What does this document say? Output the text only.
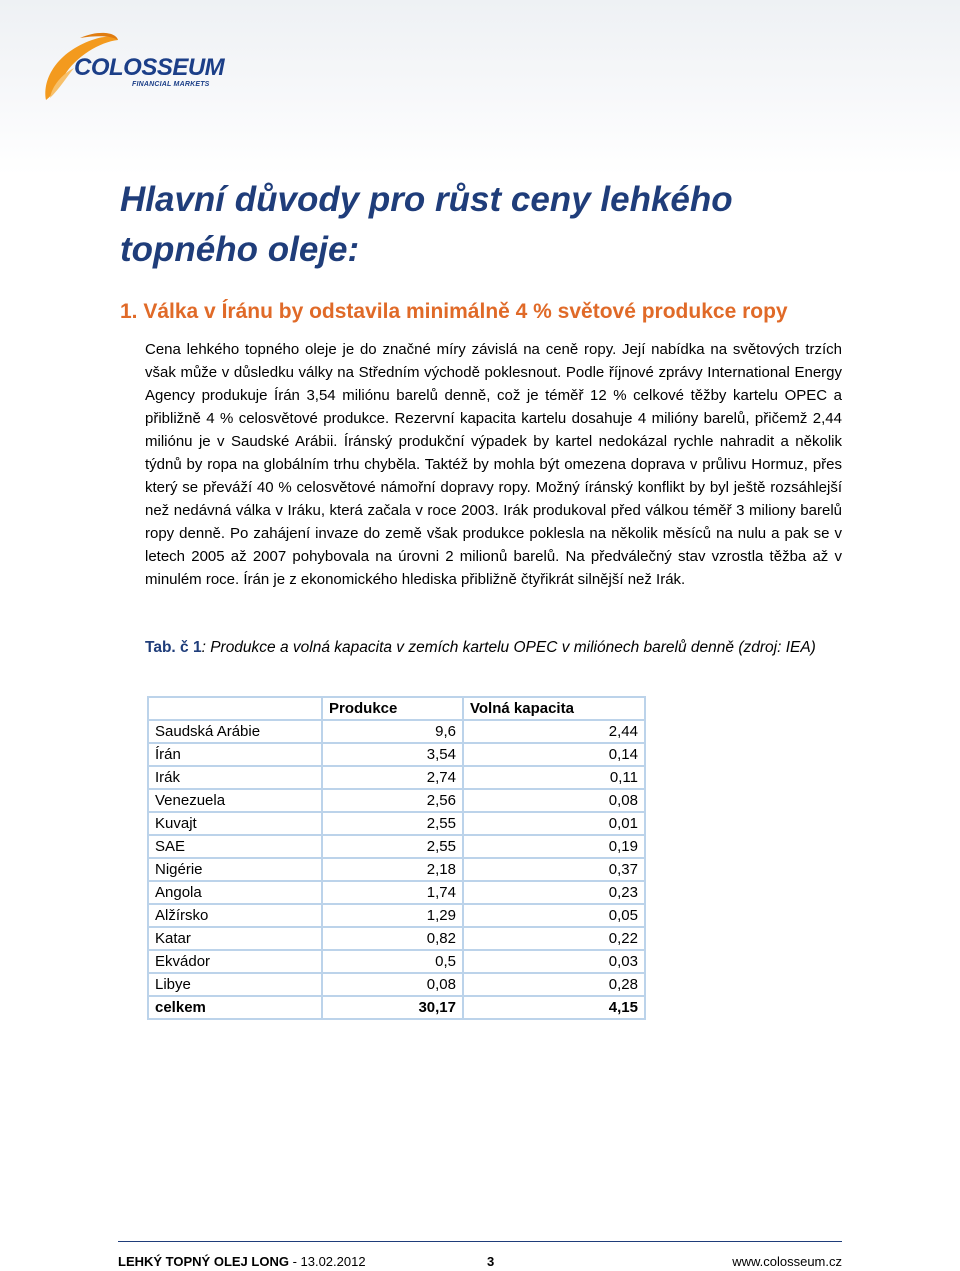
COLOSSEUM
FINANCIAL MARKETS
Hlavní důvody pro růst ceny lehkého topného oleje:
1. Válka v Íránu by odstavila minimálně 4 % světové produkce ropy

Cena lehkého topného oleje je do značné míry závislá na ceně ropy. Její nabídka na světových trzích však může v důsledku války na Středním východě poklesnout. Podle říjnové zprávy International Energy Agency produkuje Írán 3,54 miliónu barelů denně, což je téměř 12 % celkové těžby kartelu OPEC a přibližně 4 % celosvětové produkce. Rezervní kapacita kartelu dosahuje 4 milióny barelů, přičemž 2,44 miliónu je v Saudské Arábii. Íránský produkční výpadek by kartel nedokázal rychle nahradit a několik týdnů by ropa na globálním trhu chyběla. Taktéž by mohla být omezena doprava v průlivu Hormuz, přes který se převáží 40 % celosvětové námořní dopravy ropy. Možný íránský konflikt by byl ještě rozsáhlejší než nedávná válka v Iráku, která začala v roce 2003. Irák produkoval před válkou téměř 3 miliony barelů ropy denně. Po zahájení invaze do země však produkce poklesla na několik měsíců na nulu a pak se v letech 2005 až 2007 pohybovala na úrovni 2 milionů barelů. Na předválečný stav vzrostla těžba až v minulém roce. Írán je z ekonomického hlediska přibližně čtyřikrát silnější než Irák.

Tab. č 1: Produkce a volná kapacita v zemích kartelu OPEC v miliónech barelů denně (zdroj: IEA)

	Produkce	Volná kapacita
Saudská Arábie	9,6	2,44
Írán	3,54	0,14
Irák	2,74	0,11
Venezuela	2,56	0,08
Kuvajt	2,55	0,01
SAE	2,55	0,19
Nigérie	2,18	0,37
Angola	1,74	0,23
Alžírsko	1,29	0,05
Katar	0,82	0,22
Ekvádor	0,5	0,03
Libye	0,08	0,28
celkem	30,17	4,15
LEHKÝ TOPNÝ OLEJ LONG - 13.02.2012	3	www.colosseum.cz
